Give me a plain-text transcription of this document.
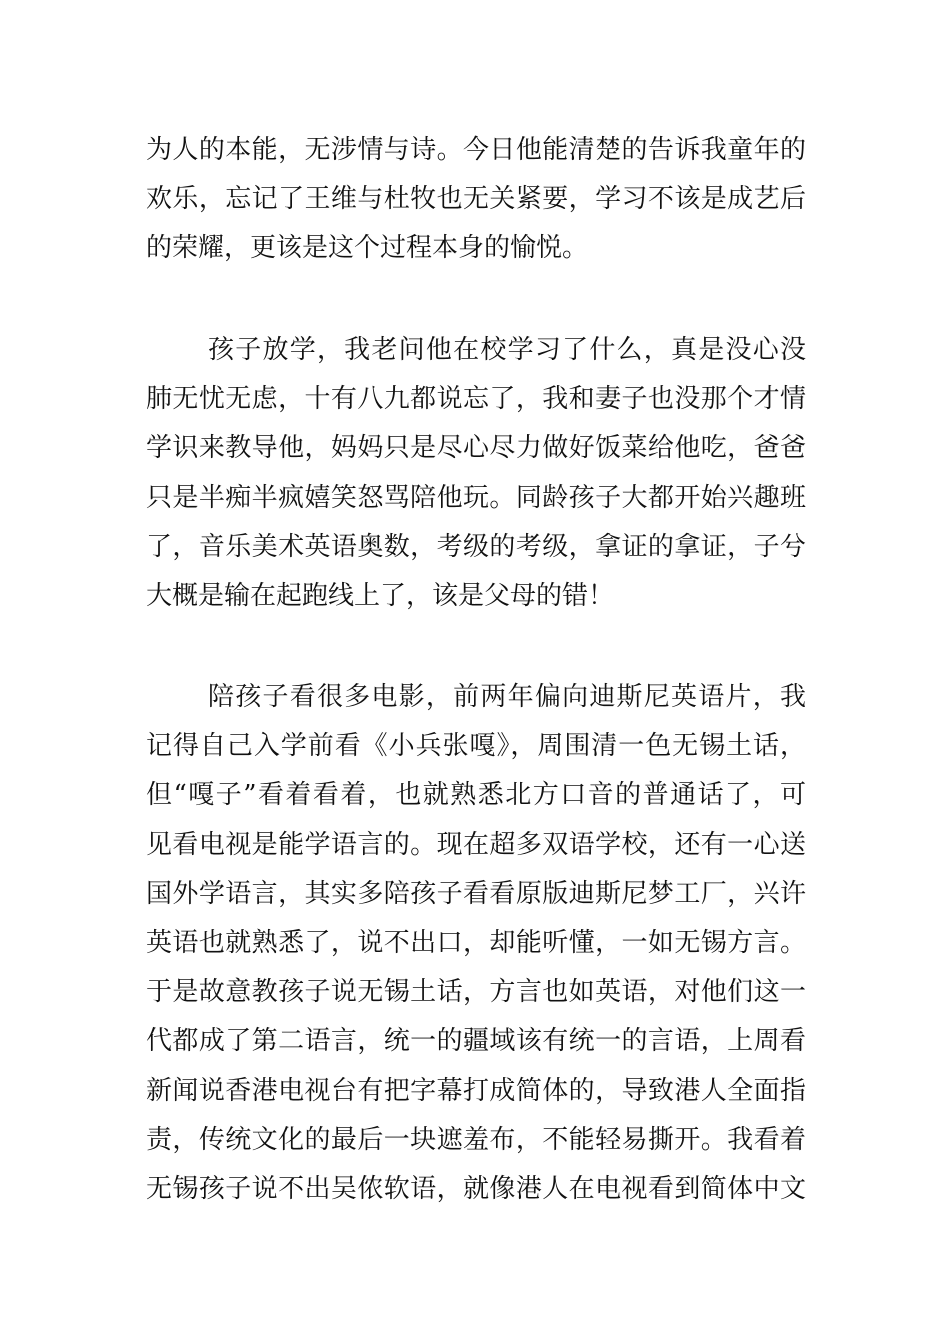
为人的本能，无涉情与诗。今日他能清楚的告诉我童年的
欢乐，忘记了王维与杜牧也无关紧要，学习不该是成艺后
的荣耀，更该是这个过程本身的愉悦。
孩子放学，我老问他在校学习了什么，真是没心没
肺无忧无虑，十有八九都说忘了，我和妻子也没那个才情
学识来教导他，妈妈只是尽心尽力做好饭菜给他吃，爸爸
只是半痴半疯嬉笑怒骂陪他玩。同龄孩子大都开始兴趣班
了，音乐美术英语奥数，考级的考级，拿证的拿证，子兮
大概是输在起跑线上了，该是父母的错！
陪孩子看很多电影，前两年偏向迪斯尼英语片，我
记得自己入学前看《小兵张嘎》，周围清一色无锡土话，
但“嘎子”看着看着，也就熟悉北方口音的普通话了，可
见看电视是能学语言的。现在超多双语学校，还有一心送
国外学语言，其实多陪孩子看看原版迪斯尼梦工厂，兴许
英语也就熟悉了，说不出口，却能听懂，一如无锡方言。
于是故意教孩子说无锡土话，方言也如英语，对他们这一
代都成了第二语言，统一的疆域该有统一的言语，上周看
新闻说香港电视台有把字幕打成简体的，导致港人全面指
责，传统文化的最后一块遮羞布，不能轻易撕开。我看着
无锡孩子说不出吴侬软语，就像港人在电视看到简体中文
